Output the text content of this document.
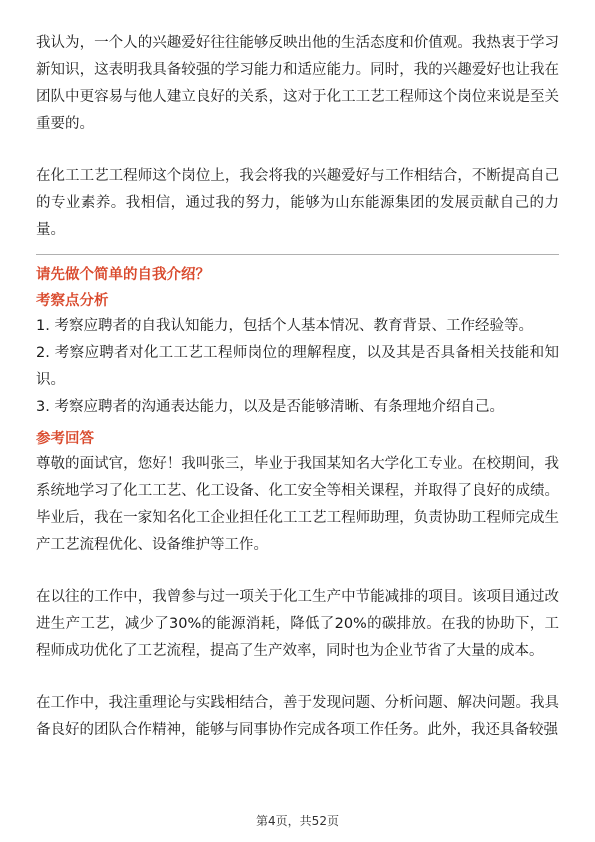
我认为，一个人的兴趣爱好往往能够反映出他的生活态度和价值观。我热衷于学习新知识，这表明我具备较强的学习能力和适应能力。同时，我的兴趣爱好也让我在团队中更容易与他人建立良好的关系，这对于化工工艺工程师这个岗位来说是至关重要的。

在化工工艺工程师这个岗位上，我会将我的兴趣爱好与工作相结合，不断提高自己的专业素养。我相信，通过我的努力，能够为山东能源集团的发展贡献自己的力量。

请先做个简单的自我介绍？

考察点分析

1. 考察应聘者的自我认知能力，包括个人基本情况、教育背景、工作经验等。
2. 考察应聘者对化工工艺工程师岗位的理解程度，以及其是否具备相关技能和知识。
3. 考察应聘者的沟通表达能力，以及是否能够清晰、有条理地介绍自己。

参考回答

尊敬的面试官，您好！我叫张三，毕业于我国某知名大学化工专业。在校期间，我系统地学习了化工工艺、化工设备、化工安全等相关课程，并取得了良好的成绩。毕业后，我在一家知名化工企业担任化工工艺工程师助理，负责协助工程师完成生产工艺流程优化、设备维护等工作。

在以往的工作中，我曾参与过一项关于化工生产中节能减排的项目。该项目通过改进生产工艺，减少了30%的能源消耗，降低了20%的碳排放。在我的协助下，工程师成功优化了工艺流程，提高了生产效率，同时也为企业节省了大量的成本。

在工作中，我注重理论与实践相结合，善于发现问题、分析问题、解决问题。我具备良好的团队合作精神，能够与同事协作完成各项工作任务。此外，我还具备较强

第4页，共52页
